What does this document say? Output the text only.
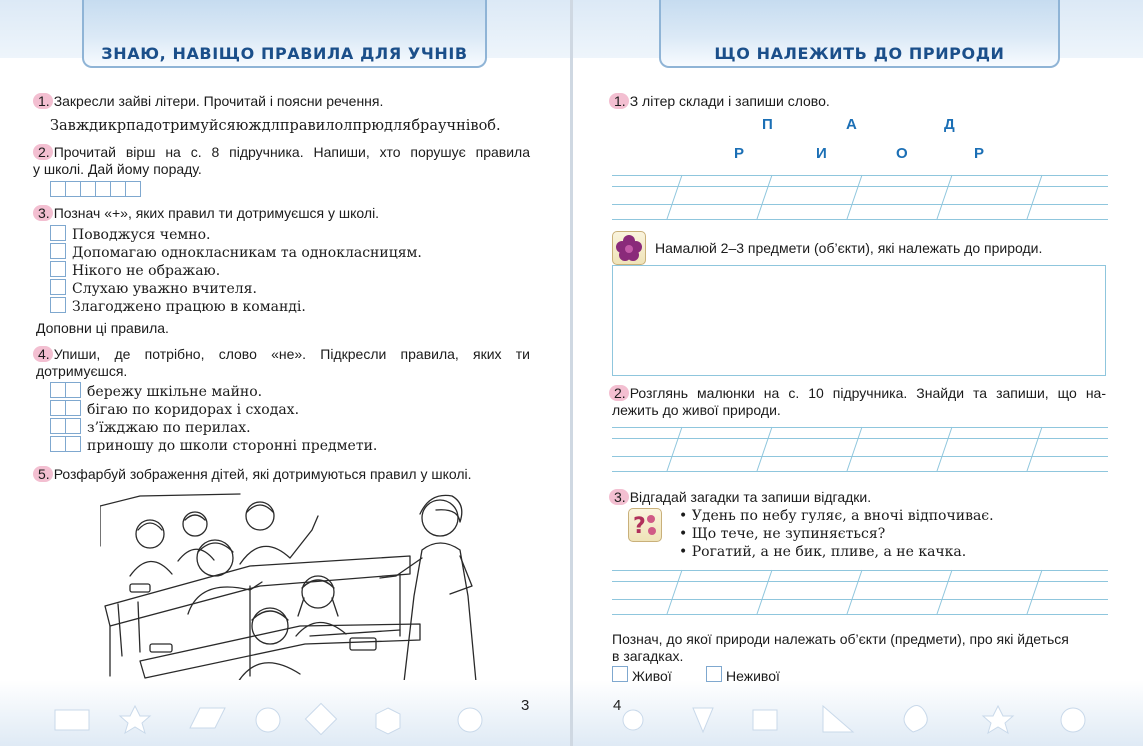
ЗНАЮ, НАВІЩО ПРАВИЛА ДЛЯ УЧНІВ
1. Закресли зайві літери. Прочитай і поясни речення.
Завждикрпадотримуйсяюждлправилолпрюдлябраучнівоб.
2. Прочитай вірш на с. 8 підручника. Напиши, хто порушує правила
у школі. Дай йому пораду.
3. Познач «+», яких правил ти дотримуєшся у школі.
Поводжуся чемно.
Допомагаю однокласникам та однокласницям.
Нікого не ображаю.
Слухаю уважно вчителя.
Злагоджено працюю в команді.
Доповни ці правила.
4. Упиши, де потрібно, слово «не». Підкресли правила, яких ти
дотримуєшся.
бережу шкільне майно.
бігаю по коридорах і сходах.
з’їжджаю по перилах.
приношу до школи сторонні предмети.
5. Розфарбуй зображення дітей, які дотримуються правил у школі.
3
ЩО НАЛЕЖИТЬ ДО ПРИРОДИ
4
1. З літер склади і запиши слово.
П	А	Д
Р	И	О	Р
Намалюй 2–3 предмети (об’єкти), які належать до природи.
2. Розглянь малюнки на с. 10 підручника. Знайди та запиши, що на-
лежить до живої природи.
3. Відгадай загадки та запиши відгадки.
? • Удень по небу гуляє, а вночі відпочиває.
• Що тече, не зупиняється?
• Рогатий, а не бик, пливе, а не качка.
Познач, до якої природи належать об’єкти (предмети), про які йдеться
в загадках.
Живої	Неживої
